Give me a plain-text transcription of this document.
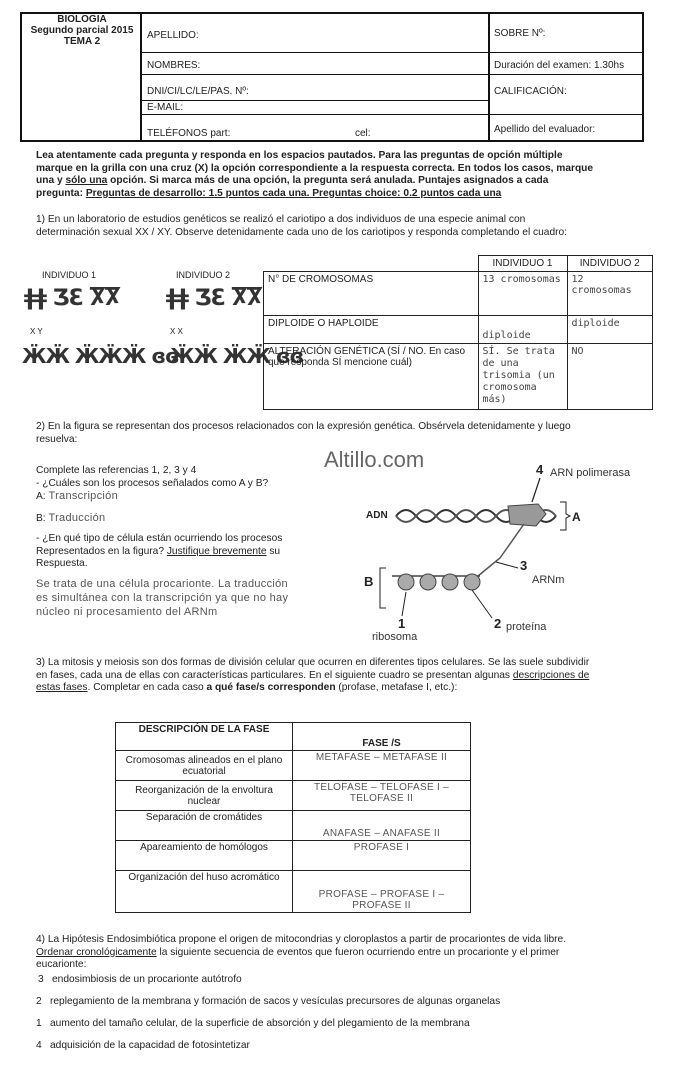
BIOLOGIA
Segundo parcial 2015
TEMA 2
APELLIDO:
NOMBRES:
DNI/CI/LC/LE/PAS. Nº:
E-MAIL:
TELÉFONOS part:	cel:
SOBRE Nº:
Duración del examen: 1.30hs
CALIFICACIÓN:
Apellido del evaluador:
Lea atentamente cada pregunta y responda en los espacios pautados. Para las preguntas de opción múltiple
marque en la grilla con una cruz (X) la opción correspondiente a la respuesta correcta. En todos los casos, marque
una y sólo una opción. Si marca más de una opción, la pregunta será anulada. Puntajes asignados a cada
pregunta: Preguntas de desarrollo: 1.5 puntos cada una. Preguntas choice: 0.2 puntos cada una
1) En un laboratorio de estudios genéticos se realizó el cariotipo a dos individuos de una especie animal con
determinación sexual XX / XY. Observe detenidamente cada uno de los cariotipos y responda completando el cuadro:
INDIVIDUO 1	INDIVIDUO 2
ǂǂ ƷƐ ႿႿ
X Y
ӜӜ ӜӜӜ ɞɞ
ǂǂ ƷƐ ႿႿ
X X
ӜӜ ӜӜ ɞɞ
	INDIVIDUO 1	INDIVIDUO 2
N° DE CROMOSOMAS	13 cromosomas	12 cromosomas
DIPLOIDE O HAPLOIDE	diploide	diploide
ALTERACIÓN GENÉTICA (SÍ / NO. En caso que responda SÍ mencione cuál)	SÍ. Se trata de una trisomia (un cromosoma más)	NO
2) En la figura se representan dos procesos relacionados con la expresión genética. Obsérvela detenidamente y luego
resuelva:
Altillo.com
Complete las referencias 1, 2, 3 y 4
- ¿Cuáles son los procesos señalados como A y B?
A: Transcripción
B: Traducción
- ¿En qué tipo de célula están ocurriendo los procesos
Representados en la figura? Justifique brevemente su
Respuesta.
Se trata de una célula procarionte. La traducción
es simultánea con la transcripción ya que no hay
núcleo ni procesamiento del ARNm
4 ARN polimerasa
ADN	A
B
3
ARNm
2 proteína
1
ribosoma
3) La mitosis y meiosis son dos formas de división celular que ocurren en diferentes tipos celulares. Se las suele subdividir
en fases, cada una de ellas con características particulares. En el siguiente cuadro se presentan algunas descripciones de
estas fases. Completar en cada caso a qué fase/s corresponden (profase, metafase I, etc.):
DESCRIPCIÓN DE LA FASE	FASE /S
Cromosomas alineados en el plano ecuatorial	METAFASE – METAFASE II
Reorganización de la envoltura nuclear	TELOFASE – TELOFASE I – TELOFASE II
Separación de cromátides	ANAFASE – ANAFASE II
Apareamiento de homólogos	PROFASE I
Organización del huso acromático	PROFASE – PROFASE I – PROFASE II
4) La Hipótesis Endosimbiótica propone el origen de mitocondrias y cloroplastos a partir de procariontes de vida libre.
Ordenar cronológicamente la siguiente secuencia de eventos que fueron ocurriendo entre un procarionte y el primer
eucarionte:
3 endosimbiosis de un procarionte autótrofo
2 replegamiento de la membrana y formación de sacos y vesículas precursores de algunas organelas
1 aumento del tamaño celular, de la superficie de absorción y del plegamiento de la membrana
4 adquisición de la capacidad de fotosintetizar
